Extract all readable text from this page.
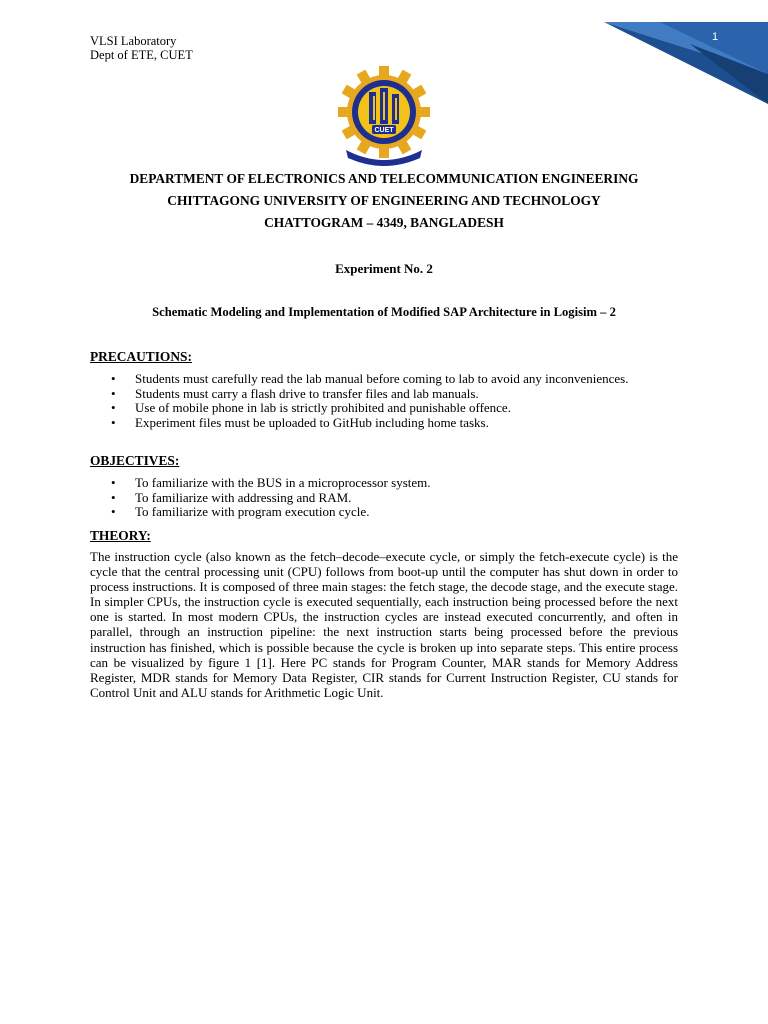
VLSI Laboratory
Dept of ETE, CUET
1
CUET
DEPARTMENT OF ELECTRONICS AND TELECOMMUNICATION ENGINEERING
CHITTAGONG UNIVERSITY OF ENGINEERING AND TECHNOLOGY
CHATTOGRAM – 4349, BANGLADESH
Experiment No. 2
Schematic Modeling and Implementation of Modified SAP Architecture in Logisim – 2
PRECAUTIONS:
• Students must carefully read the lab manual before coming to lab to avoid any inconveniences.
• Students must carry a flash drive to transfer files and lab manuals.
• Use of mobile phone in lab is strictly prohibited and punishable offence.
• Experiment files must be uploaded to GitHub including home tasks.
OBJECTIVES:
• To familiarize with the BUS in a microprocessor system.
• To familiarize with addressing and RAM.
• To familiarize with program execution cycle.
THEORY:

The instruction cycle (also known as the fetch–decode–execute cycle, or simply the fetch-execute cycle) is the cycle that the central processing unit (CPU) follows from boot-up until the computer has shut down in order to process instructions. It is composed of three main stages: the fetch stage, the decode stage, and the execute stage. In simpler CPUs, the instruction cycle is executed sequentially, each instruction being processed before the next one is started. In most modern CPUs, the instruction cycles are instead executed concurrently, and often in parallel, through an instruction pipeline: the next instruction starts being processed before the previous instruction has finished, which is possible because the cycle is broken up into separate steps. This entire process can be visualized by figure 1 [1]. Here PC stands for Program Counter, MAR stands for Memory Address Register, MDR stands for Memory Data Register, CIR stands for Current Instruction Register, CU stands for Control Unit and ALU stands for Arithmetic Logic Unit.
